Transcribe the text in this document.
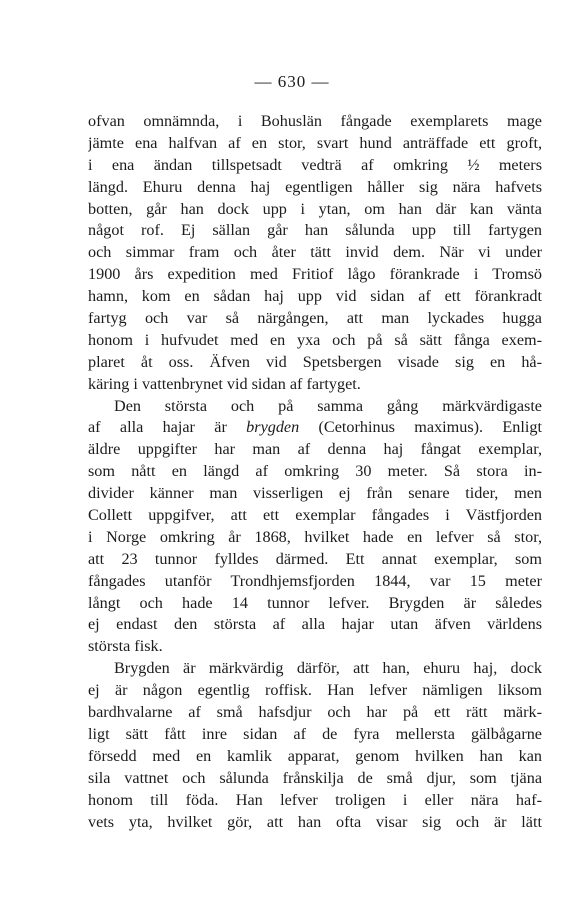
— 630 —
ofvan omnämnda, i Bohuslän fångade exemplarets mage
jämte ena halfvan af en stor, svart hund anträffade ett groft,
i ena ändan tillspetsadt vedträ af omkring ½ meters
längd. Ehuru denna haj egentligen håller sig nära hafvets
botten, går han dock upp i ytan, om han där kan vänta
något rof. Ej sällan går han sålunda upp till fartygen
och simmar fram och åter tätt invid dem. När vi under
1900 års expedition med Fritiof lågo förankrade i Tromsö
hamn, kom en sådan haj upp vid sidan af ett förankradt
fartyg och var så närgången, att man lyckades hugga
honom i hufvudet med en yxa och på så sätt fånga exem-
plaret åt oss. Äfven vid Spetsbergen visade sig en hå-
käring i vattenbrynet vid sidan af fartyget.
Den största och på samma gång märkvärdigaste
af alla hajar är brygden (Cetorhinus maximus). Enligt
äldre uppgifter har man af denna haj fångat exemplar,
som nått en längd af omkring 30 meter. Så stora in-
divider känner man visserligen ej från senare tider, men
Collett uppgifver, att ett exemplar fångades i Västfjorden
i Norge omkring år 1868, hvilket hade en lefver så stor,
att 23 tunnor fylldes därmed. Ett annat exemplar, som
fångades utanför Trondhjemsfjorden 1844, var 15 meter
långt och hade 14 tunnor lefver. Brygden är således
ej endast den största af alla hajar utan äfven världens
största fisk.
Brygden är märkvärdig därför, att han, ehuru haj, dock
ej är någon egentlig roffisk. Han lefver nämligen liksom
bardhvalarne af små hafsdjur och har på ett rätt märk-
ligt sätt fått inre sidan af de fyra mellersta gälbågarne
försedd med en kamlik apparat, genom hvilken han kan
sila vattnet och sålunda frånskilja de små djur, som tjäna
honom till föda. Han lefver troligen i eller nära haf-
vets yta, hvilket gör, att han ofta visar sig och är lätt
